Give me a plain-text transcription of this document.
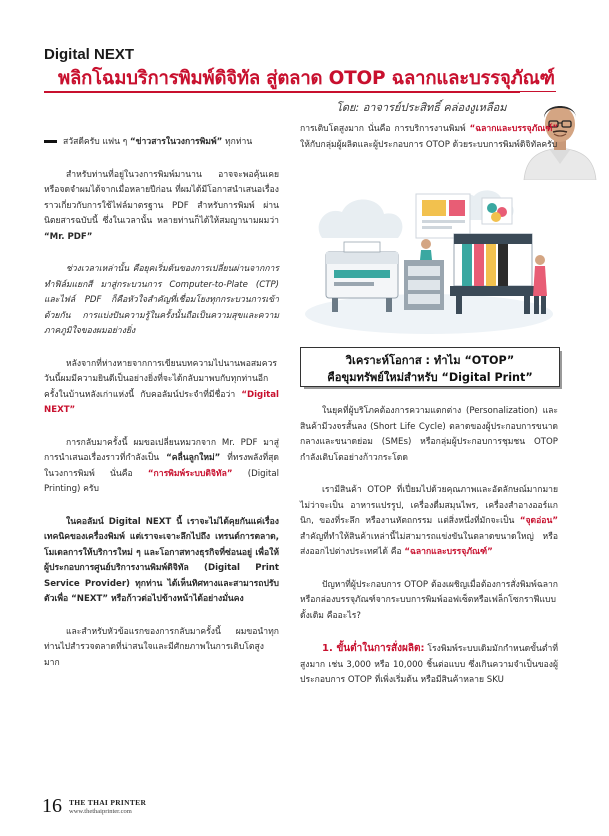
Digital NEXT
พลิกโฉมบริการพิมพ์ดิจิทัล สู่ตลาด OTOP ฉลากและบรรจุภัณฑ์
โดย: อาจารย์ประสิทธิ์ คล่องงูเหลือม

สวัสดีครับ แฟน ๆ “ข่าวสารในวงการพิมพ์” ทุกท่าน

สำหรับท่านที่อยู่ในวงการพิมพ์มานาน อาจจะพอคุ้นเคยหรือจดจำผมได้จากเมื่อหลายปีก่อน ที่ผมได้มีโอกาสนำเสนอเรื่องราวเกี่ยวกับการใช้ไฟล์มาตรฐาน PDF สำหรับการพิมพ์ ผ่านนิตยสารฉบับนี้ ซึ่งในเวลานั้น หลายท่านก็ได้ให้สมญานามผมว่า “Mr. PDF”

ช่วงเวลาเหล่านั้น คือยุคเริ่มต้นของการเปลี่ยนผ่านจากการทำฟิล์มแยกสี มาสู่กระบวนการ Computer-to-Plate (CTP) และไฟล์ PDF ก็คือหัวใจสำคัญที่เชื่อมโยงทุกกระบวนการเข้าด้วยกัน การแบ่งปันความรู้ในครั้งนั้นถือเป็นความสุขและความภาคภูมิใจของผมอย่างยิ่ง

หลังจากที่ห่างหายจากการเขียนบทความไปนานพอสมควร วันนี้ผมมีความยินดีเป็นอย่างยิ่งที่จะได้กลับมาพบกับทุกท่านอีกครั้งในบ้านหลังเก่าแห่งนี้ กับคอลัมน์ประจำที่มีชื่อว่า “Digital NEXT”

การกลับมาครั้งนี้ ผมขอเปลี่ยนหมวกจาก Mr. PDF มาสู่การนำเสนอเรื่องราวที่กำลังเป็น “คลื่นลูกใหม่” ที่ทรงพลังที่สุดในวงการพิมพ์ นั่นคือ “การพิมพ์ระบบดิจิทัล” (Digital Printing) ครับ

ในคอลัมน์ Digital NEXT นี้ เราจะไม่ได้คุยกันแค่เรื่องเทคนิคของเครื่องพิมพ์ แต่เราจะเจาะลึกไปถึง เทรนด์การตลาด, โมเดลการให้บริการใหม่ ๆ และโอกาสทางธุรกิจที่ซ่อนอยู่ เพื่อให้ผู้ประกอบการศูนย์บริการงานพิมพ์ดิจิทัล (Digital Print Service Provider) ทุกท่าน ได้เห็นทิศทางและสามารถปรับตัวเพื่อ “NEXT” หรือก้าวต่อไปข้างหน้าได้อย่างมั่นคง

และสำหรับหัวข้อแรกของการกลับมาครั้งนี้ ผมขอนำทุกท่านไปสำรวจตลาดที่น่าสนใจและมีศักยภาพในการเติบโตสูงมาก

การเติบโตสูงมาก นั่นคือ การบริการงานพิมพ์ “ฉลากและบรรจุภัณฑ์” ให้กับกลุ่มผู้ผลิตและผู้ประกอบการ OTOP ด้วยระบบการพิมพ์ดิจิทัลครับ

วิเคราะห์โอกาส : ทำไม “OTOP”
คือขุมทรัพย์ใหม่สำหรับ “Digital Print”

ในยุคที่ผู้บริโภคต้องการความแตกต่าง (Personalization) และสินค้ามีวงจรสั้นลง (Short Life Cycle) ตลาดของผู้ประกอบการขนาดกลางและขนาดย่อม (SMEs) หรือกลุ่มผู้ประกอบการชุมชน OTOP กำลังเติบโตอย่างก้าวกระโดด

เรามีสินค้า OTOP ที่เปี่ยมไปด้วยคุณภาพและอัตลักษณ์มากมาย ไม่ว่าจะเป็น อาหารแปรรูป, เครื่องดื่มสมุนไพร, เครื่องสำอางออร์แกนิก, ของที่ระลึก หรืองานหัตถกรรม แต่สิ่งหนึ่งที่มักจะเป็น “จุดอ่อน” สำคัญที่ทำให้สินค้าเหล่านี้ไม่สามารถแข่งขันในตลาดขนาดใหญ่ หรือส่งออกไปต่างประเทศได้ คือ “ฉลากและบรรจุภัณฑ์”

ปัญหาที่ผู้ประกอบการ OTOP ต้องเผชิญเมื่อต้องการสั่งพิมพ์ฉลากหรือกล่องบรรจุภัณฑ์จากระบบการพิมพ์ออฟเซ็ตหรือเฟล็กโซกราฟีแบบดั้งเดิม คืออะไร?

1. ขั้นต่ำในการสั่งผลิต: โรงพิมพ์ระบบเดิมมักกำหนดขั้นต่ำที่สูงมาก เช่น 3,000 หรือ 10,000 ชิ้นต่อแบบ ซึ่งเกินความจำเป็นของผู้ประกอบการ OTOP ที่เพิ่งเริ่มต้น หรือมีสินค้าหลาย SKU

16 THE THAI PRINTER
www.thethaiprinter.com
